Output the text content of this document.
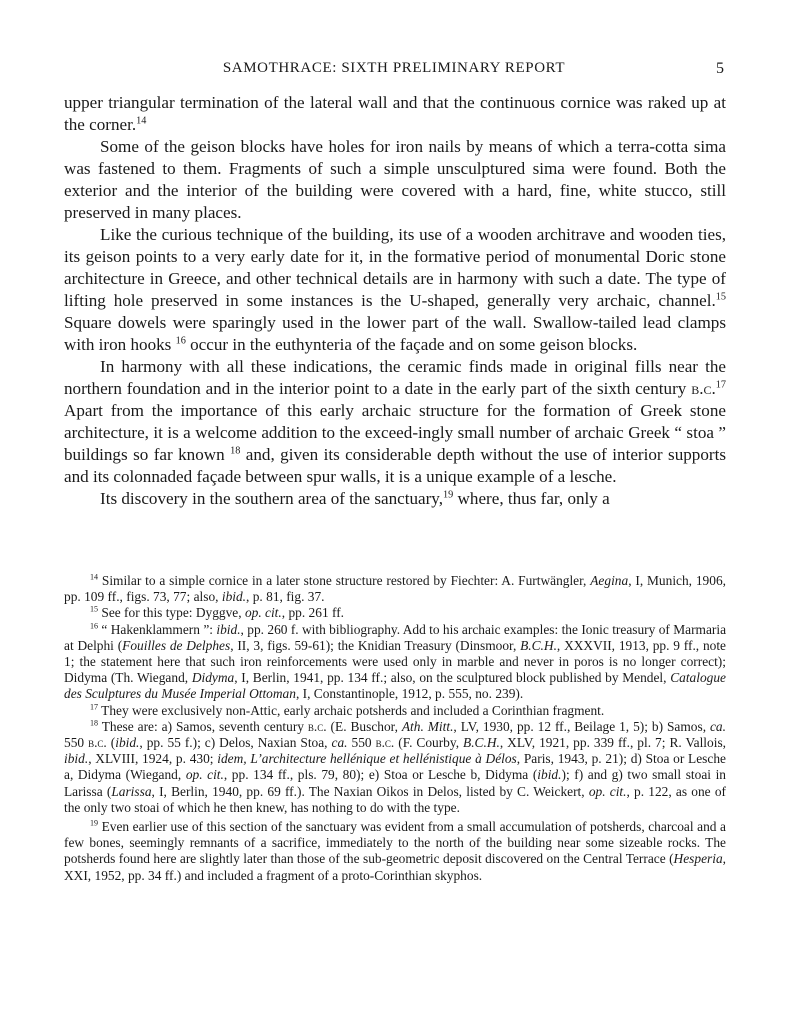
SAMOTHRACE: SIXTH PRELIMINARY REPORT	5

upper triangular termination of the lateral wall and that the continuous cornice was raked up at the corner.$^{14}$

Some of the geison blocks have holes for iron nails by means of which a terra-cotta sima was fastened to them. Fragments of such a simple unsculptured sima were found. Both the exterior and the interior of the building were covered with a hard, fine, white stucco, still preserved in many places.

Like the curious technique of the building, its use of a wooden architrave and wooden ties, its geison points to a very early date for it, in the formative period of monumental Doric stone architecture in Greece, and other technical details are in harmony with such a date. The type of lifting hole preserved in some instances is the U-shaped, generally very archaic, channel.$^{15}$ Square dowels were sparingly used in the lower part of the wall. Swallow-tailed lead clamps with iron hooks $^{16}$ occur in the euthynteria of the façade and on some geison blocks.

In harmony with all these indications, the ceramic finds made in original fills near the northern foundation and in the interior point to a date in the early part of the sixth century b.c.$^{17}$ Apart from the importance of this early archaic structure for the formation of Greek stone architecture, it is a welcome addition to the exceed-ingly small number of archaic Greek “ stoa ” buildings so far known $^{18}$ and, given its considerable depth without the use of interior supports and its colonnaded façade between spur walls, it is a unique example of a lesche.

Its discovery in the southern area of the sanctuary,$^{19}$ where, thus far, only a

$^{14}$ Similar to a simple cornice in a later stone structure restored by Fiechter: A. Furtwängler, Aegina, I, Munich, 1906, pp. 109 ff., figs. 73, 77; also, ibid., p. 81, fig. 37.

$^{15}$ See for this type: Dyggve, op. cit., pp. 261 ff.

$^{16}$ “ Hakenklammern ”: ibid., pp. 260 f. with bibliography. Add to his archaic examples: the Ionic treasury of Marmaria at Delphi (Fouilles de Delphes, II, 3, figs. 59-61); the Knidian Treasury (Dinsmoor, B.C.H., XXXVII, 1913, pp. 9 ff., note 1; the statement here that such iron reinforcements were used only in marble and never in poros is no longer correct); Didyma (Th. Wiegand, Didyma, I, Berlin, 1941, pp. 134 ff.; also, on the sculptured block published by Mendel, Catalogue des Sculptures du Musée Imperial Ottoman, I, Constantinople, 1912, p. 555, no. 239).

$^{17}$ They were exclusively non-Attic, early archaic potsherds and included a Corinthian fragment.

$^{18}$ These are: a) Samos, seventh century b.c. (E. Buschor, Ath. Mitt., LV, 1930, pp. 12 ff., Beilage 1, 5); b) Samos, ca. 550 b.c. (ibid., pp. 55 f.); c) Delos, Naxian Stoa, ca. 550 b.c. (F. Courby, B.C.H., XLV, 1921, pp. 339 ff., pl. 7; R. Vallois, ibid., XLVIII, 1924, p. 430; idem, L’architecture hellénique et hellénistique à Délos, Paris, 1943, p. 21); d) Stoa or Lesche a, Didyma (Wiegand, op. cit., pp. 134 ff., pls. 79, 80); e) Stoa or Lesche b, Didyma (ibid.); f) and g) two small stoai in Larissa (Larissa, I, Berlin, 1940, pp. 69 ff.). The Naxian Oikos in Delos, listed by C. Weickert, op. cit., p. 122, as one of the only two stoai of which he then knew, has nothing to do with the type.

$^{19}$ Even earlier use of this section of the sanctuary was evident from a small accumulation of potsherds, charcoal and a few bones, seemingly remnants of a sacrifice, immediately to the north of the building near some sizeable rocks. The potsherds found here are slightly later than those of the sub-geometric deposit discovered on the Central Terrace (Hesperia, XXI, 1952, pp. 34 ff.) and included a fragment of a proto-Corinthian skyphos.
